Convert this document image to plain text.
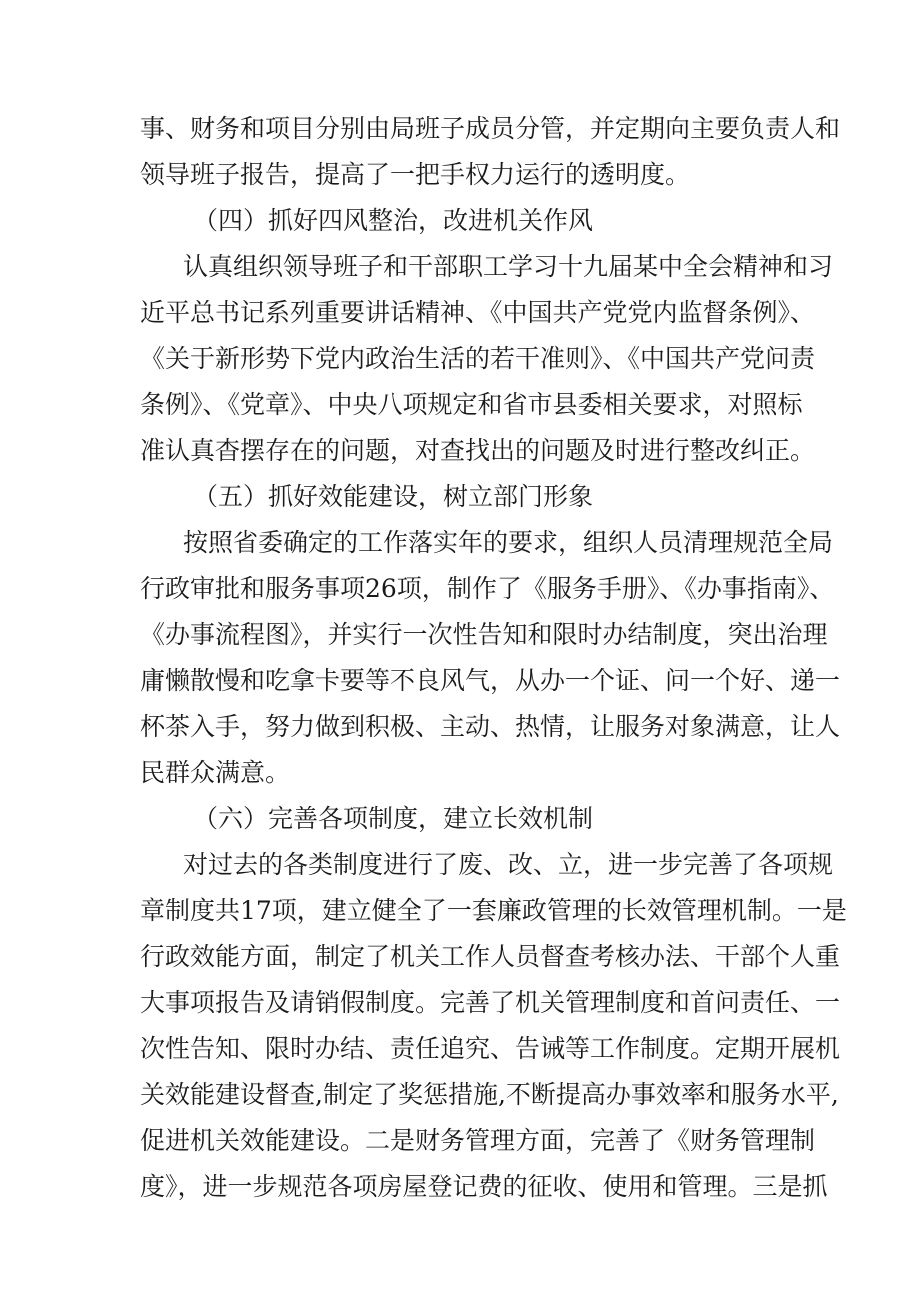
事、财务和项目分别由局班子成员分管，并定期向主要负责人和
领导班子报告，提高了一把手权力运行的透明度。
（四）抓好四风整治，改进机关作风
认真组织领导班子和干部职工学习十九届某中全会精神和习
近平总书记系列重要讲话精神、《中国共产党党内监督条例》、
《关于新形势下党内政治生活的若干准则》、《中国共产党问责
条例》、《党章》、中央八项规定和省市县委相关要求，对照标
准认真杳摆存在的问题，对查找出的问题及时进行整改纠正。
（五）抓好效能建设，树立部门形象
按照省委确定的工作落实年的要求，组织人员清理规范全局
行政审批和服务事项26项，制作了《服务手册》、《办事指南》、
《办事流程图》，并实行一次性告知和限时办结制度，突出治理
庸懒散慢和吃拿卡要等不良风气，从办一个证、问一个好、递一
杯茶入手，努力做到积极、主动、热情，让服务对象满意，让人
民群众满意。
（六）完善各项制度，建立长效机制
对过去的各类制度进行了废、改、立，进一步完善了各项规
章制度共17项，建立健全了一套廉政管理的长效管理机制。一是
行政效能方面，制定了机关工作人员督查考核办法、干部个人重
大事项报告及请销假制度。完善了机关管理制度和首问责任、一
次性告知、限时办结、责任追究、告诫等工作制度。定期开展机
关效能建设督查,制定了奖惩措施,不断提高办事效率和服务水平,
促进机关效能建设。二是财务管理方面，完善了《财务管理制
度》，进一步规范各项房屋登记费的征收、使用和管理。三是抓
